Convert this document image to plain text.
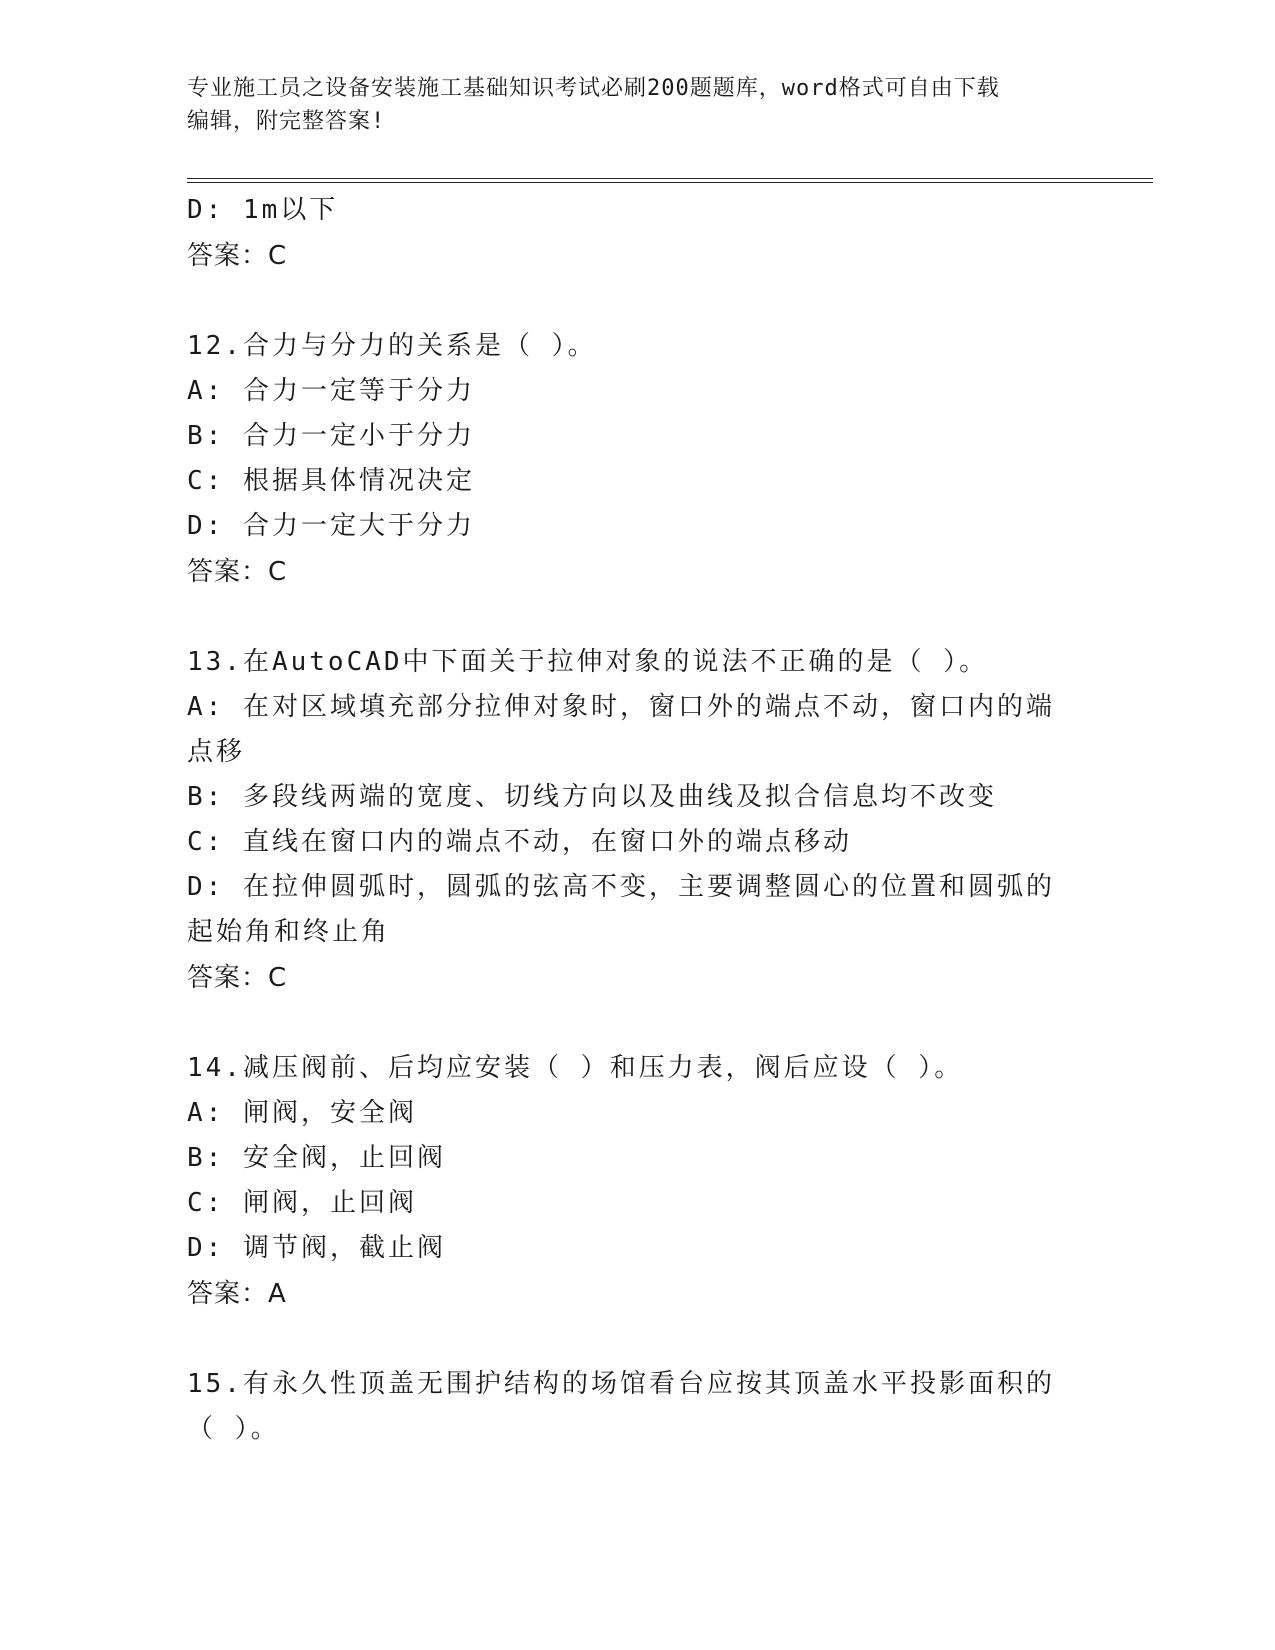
专业施工员之设备安装施工基础知识考试必刷200题题库，word格式可自由下载
编辑，附完整答案!
D: 1m以下
答案：C
12.合力与分力的关系是（ ）。
A: 合力一定等于分力
B: 合力一定小于分力
C: 根据具体情况决定
D: 合力一定大于分力
答案：C
13.在AutoCAD中下面关于拉伸对象的说法不正确的是（ ）。
A: 在对区域填充部分拉伸对象时，窗口外的端点不动，窗口内的端点移
B: 多段线两端的宽度、切线方向以及曲线及拟合信息均不改变
C: 直线在窗口内的端点不动，在窗口外的端点移动
D: 在拉伸圆弧时，圆弧的弦高不变，主要调整圆心的位置和圆弧的起始角和终止角
答案：C
14.减压阀前、后均应安装（ ）和压力表，阀后应设（ ）。
A: 闸阀，安全阀
B: 安全阀，止回阀
C: 闸阀，止回阀
D: 调节阀，截止阀
答案：A
15.有永久性顶盖无围护结构的场馆看台应按其顶盖水平投影面积的（ ）。
